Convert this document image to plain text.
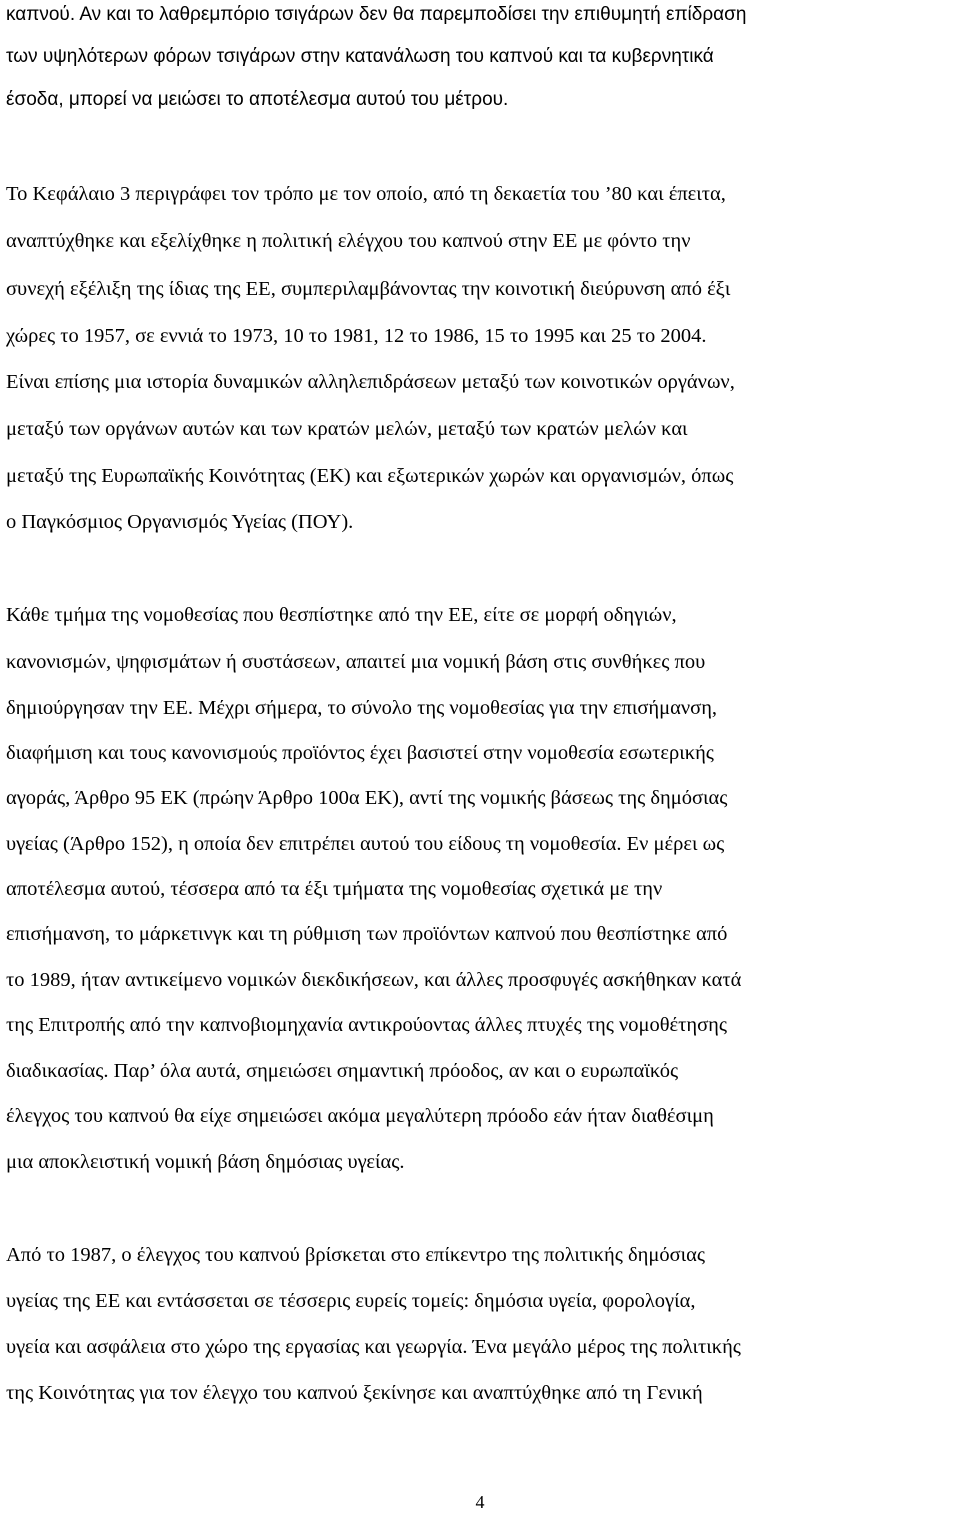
καπνού. Αν και το λαθρεμπόριο τσιγάρων δεν θα παρεμποδίσει την επιθυμητή επίδραση

των υψηλότερων φόρων τσιγάρων στην κατανάλωση του καπνού και τα κυβερνητικά

έσοδα, μπορεί να μειώσει το αποτέλεσμα αυτού του μέτρου.

Το Κεφάλαιο 3 περιγράφει τον τρόπο με τον οποίο, από τη δεκαετία του ’80 και έπειτα,

αναπτύχθηκε και εξελίχθηκε η πολιτική ελέγχου του καπνού στην ΕΕ με φόντο την

συνεχή εξέλιξη της ίδιας της ΕΕ, συμπεριλαμβάνοντας την κοινοτική διεύρυνση από έξι

χώρες το 1957, σε εννιά το 1973, 10 το 1981, 12 το 1986, 15 το 1995 και 25 το 2004.

Είναι επίσης μια ιστορία δυναμικών αλληλεπιδράσεων μεταξύ των κοινοτικών οργάνων,

μεταξύ των οργάνων αυτών και των κρατών μελών, μεταξύ των κρατών μελών και

μεταξύ της Ευρωπαϊκής Κοινότητας (ΕΚ) και εξωτερικών χωρών και οργανισμών, όπως

ο Παγκόσμιος Οργανισμός Υγείας (ΠΟΥ).

Κάθε τμήμα της νομοθεσίας που θεσπίστηκε από την ΕΕ, είτε σε μορφή οδηγιών,

κανονισμών, ψηφισμάτων ή συστάσεων, απαιτεί μια νομική βάση στις συνθήκες που

δημιούργησαν την ΕΕ. Μέχρι σήμερα, το σύνολο της νομοθεσίας για την επισήμανση,

διαφήμιση και τους κανονισμούς προϊόντος έχει βασιστεί στην νομοθεσία εσωτερικής

αγοράς, Άρθρο 95 ΕΚ (πρώην Άρθρο 100α ΕΚ), αντί της νομικής βάσεως της δημόσιας

υγείας (Άρθρο 152), η οποία δεν επιτρέπει αυτού του είδους τη νομοθεσία. Εν μέρει ως

αποτέλεσμα αυτού, τέσσερα από τα έξι τμήματα της νομοθεσίας σχετικά με την

επισήμανση, το μάρκετινγκ και τη ρύθμιση των προϊόντων καπνού που θεσπίστηκε από

το 1989, ήταν αντικείμενο νομικών διεκδικήσεων, και άλλες προσφυγές ασκήθηκαν κατά

της Επιτροπής από την καπνοβιομηχανία αντικρούοντας άλλες πτυχές της νομοθέτησης

διαδικασίας. Παρ’ όλα αυτά, σημειώσει σημαντική πρόοδος, αν και ο ευρωπαϊκός

έλεγχος του καπνού θα είχε σημειώσει ακόμα μεγαλύτερη πρόοδο εάν ήταν διαθέσιμη

μια αποκλειστική νομική βάση δημόσιας υγείας.

Από το 1987, ο έλεγχος του καπνού βρίσκεται στο επίκεντρο της πολιτικής δημόσιας

υγείας της ΕΕ και εντάσσεται σε τέσσερις ευρείς τομείς: δημόσια υγεία, φορολογία,

υγεία και ασφάλεια στο χώρο της εργασίας και γεωργία. Ένα μεγάλο μέρος της πολιτικής

της Κοινότητας για τον έλεγχο του καπνού ξεκίνησε και αναπτύχθηκε από τη Γενική

4
